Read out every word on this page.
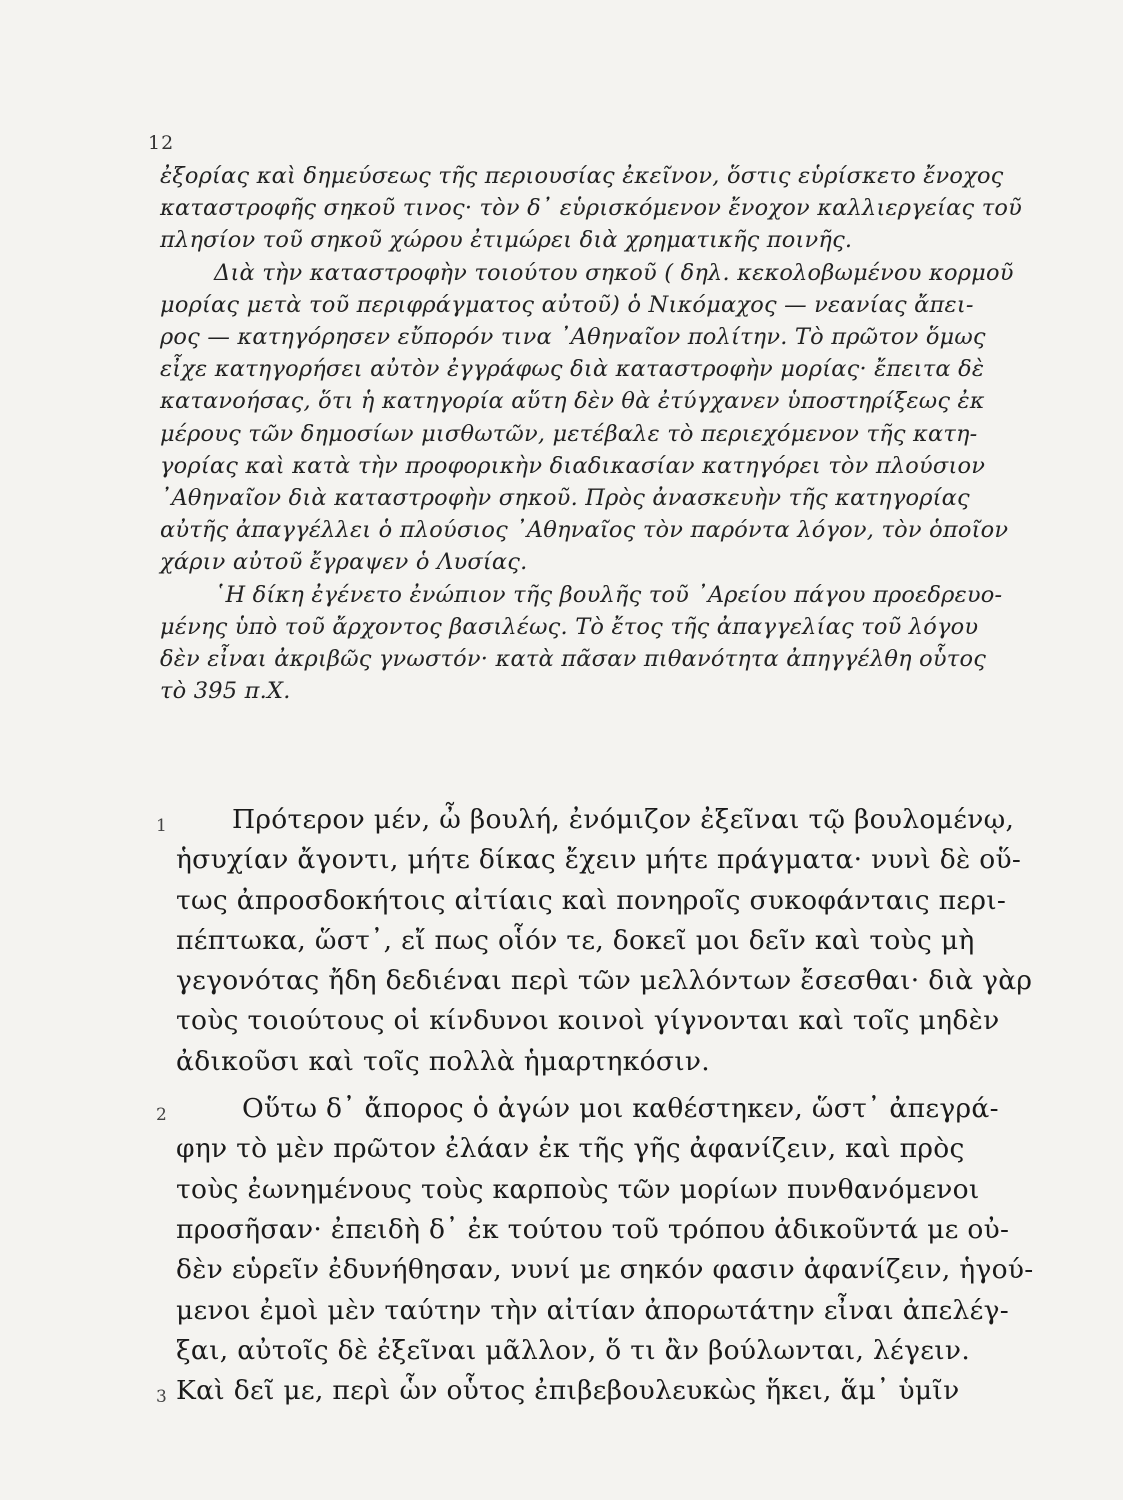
12

ἐξορίας καὶ δημεύσεως τῆς περιουσίας ἐκεῖνον, ὅστις εὑρίσκετο ἔνοχος

καταστροφῆς σηκοῦ τινος· τὸν δ᾽ εὑρισκόμενον ἔνοχον καλλιεργείας τοῦ

πλησίον τοῦ σηκοῦ χώρου ἐτιμώρει διὰ χρηματικῆς ποινῆς.

Διὰ τὴν καταστροφὴν τοιούτου σηκοῦ ( δηλ. κεκολοβωμένου κορμοῦ

μορίας μετὰ τοῦ περιφράγματος αὐτοῦ) ὁ Νικόμαχος — νεανίας ἄπει-

ρος — κατηγόρησεν εὔπορόν τινα ᾽Αθηναῖον πολίτην. Τὸ πρῶτον ὅμως

εἶχε κατηγορήσει αὐτὸν ἐγγράφως διὰ καταστροφὴν μορίας· ἔπειτα δὲ

κατανοήσας, ὅτι ἡ κατηγορία αὕτη δὲν θὰ ἐτύγχανεν ὑποστηρίξεως ἐκ

μέρους τῶν δημοσίων μισθωτῶν, μετέβαλε τὸ περιεχόμενον τῆς κατη-

γορίας καὶ κατὰ τὴν προφορικὴν διαδικασίαν κατηγόρει τὸν πλούσιον

᾽Αθηναῖον διὰ καταστροφὴν σηκοῦ. Πρὸς ἀνασκευὴν τῆς κατηγορίας

αὐτῆς ἀπαγγέλλει ὁ πλούσιος ᾽Αθηναῖος τὸν παρόντα λόγον, τὸν ὁποῖον

χάριν αὐτοῦ ἔγραψεν ὁ Λυσίας.

῾Η δίκη ἐγένετο ἐνώπιον τῆς βουλῆς τοῦ ᾽Αρείου πάγου προεδρευο-

μένης ὑπὸ τοῦ ἄρχοντος βασιλέως. Τὸ ἔτος τῆς ἀπαγγελίας τοῦ λόγου

δὲν εἶναι ἀκριβῶς γνωστόν· κατὰ πᾶσαν πιθανότητα ἀπηγγέλθη οὗτος

τὸ 395 π.Χ.

1 Πρότερον μέν, ὦ βουλή, ἐνόμιζον ἐξεῖναι τῷ βουλομένῳ,
ἡσυχίαν ἄγοντι, μήτε δίκας ἔχειν μήτε πράγματα· νυνὶ δὲ οὕ-
τως ἀπροσδοκήτοις αἰτίαις καὶ πονηροῖς συκοφάνταις περι-
πέπτωκα, ὥστ᾽, εἴ πως οἷόν τε, δοκεῖ μοι δεῖν καὶ τοὺς μὴ
γεγονότας ἤδη δεδιέναι περὶ τῶν μελλόντων ἔσεσθαι· διὰ γὰρ
τοὺς τοιούτους οἱ κίνδυνοι κοινοὶ γίγνονται καὶ τοῖς μηδὲν
ἀδικοῦσι καὶ τοῖς πολλὰ ἡμαρτηκόσιν.
2	Οὕτω δ᾽ ἄπορος ὁ ἀγών μοι καθέστηκεν, ὥστ᾽ ἀπεγρά-
φην τὸ μὲν πρῶτον ἐλάαν ἐκ τῆς γῆς ἀφανίζειν, καὶ πρὸς
τοὺς ἐωνημένους τοὺς καρποὺς τῶν μορίων πυνθανόμενοι
προσῆσαν· ἐπειδὴ δ᾽ ἐκ τούτου τοῦ τρόπου ἀδικοῦντά με οὐ-
δὲν εὑρεῖν ἐδυνήθησαν, νυνί με σηκόν φασιν ἀφανίζειν, ἡγού-
μενοι ἐμοὶ μὲν ταύτην τὴν αἰτίαν ἀπορωτάτην εἶναι ἀπελέγ-
ξαι, αὐτοῖς δὲ ἐξεῖναι μᾶλλον, ὅ τι ἂν βούλωνται, λέγειν.
3 Καὶ δεῖ με, περὶ ὧν οὗτος ἐπιβεβουλευκὼς ἥκει, ἅμ᾽ ὑμῖν
